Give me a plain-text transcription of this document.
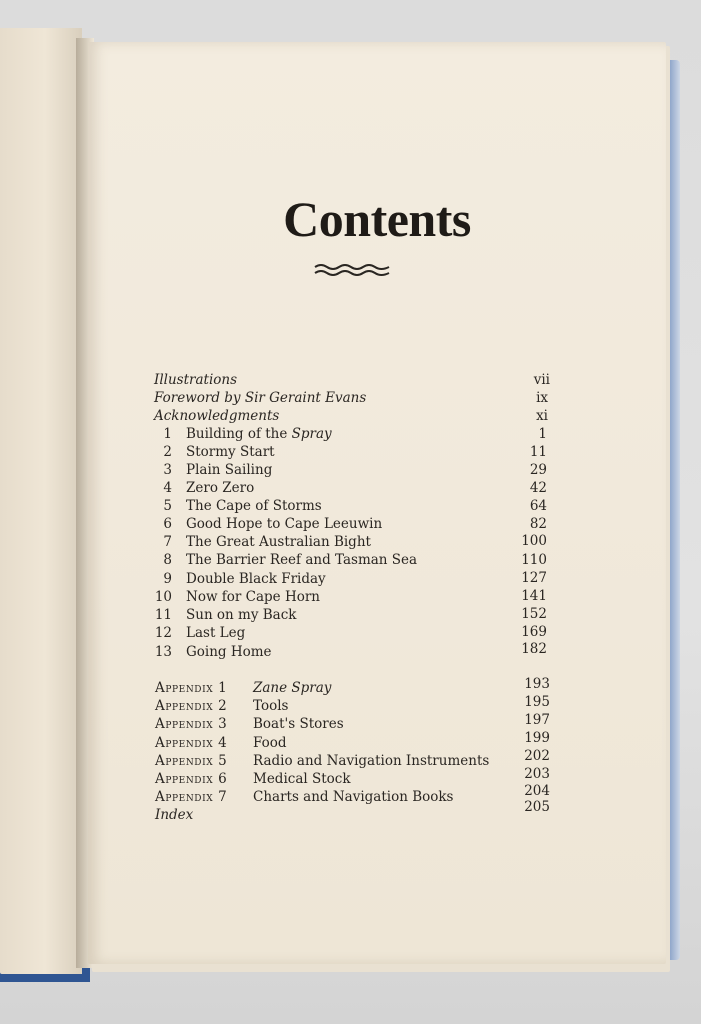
Contents
Illustrations	vii
Foreword by Sir Geraint Evans	ix
Acknowledgments	xi
1 Building of the Spray	1
2 Stormy Start	11
3 Plain Sailing	29
4 Zero Zero	42
5 The Cape of Storms	64
6 Good Hope to Cape Leeuwin	82
7 The Great Australian Bight	100
8 The Barrier Reef and Tasman Sea	110
9 Double Black Friday	127
10 Now for Cape Horn	141
11 Sun on my Back	152
12 Last Leg	169
13 Going Home	182
Appendix 1 Zane Spray	193
Appendix 2 Tools	195
Appendix 3 Boat's Stores	197
Appendix 4 Food	199
Appendix 5 Radio and Navigation Instruments	202
Appendix 6 Medical Stock	203
Appendix 7 Charts and Navigation Books	204
Index	205
